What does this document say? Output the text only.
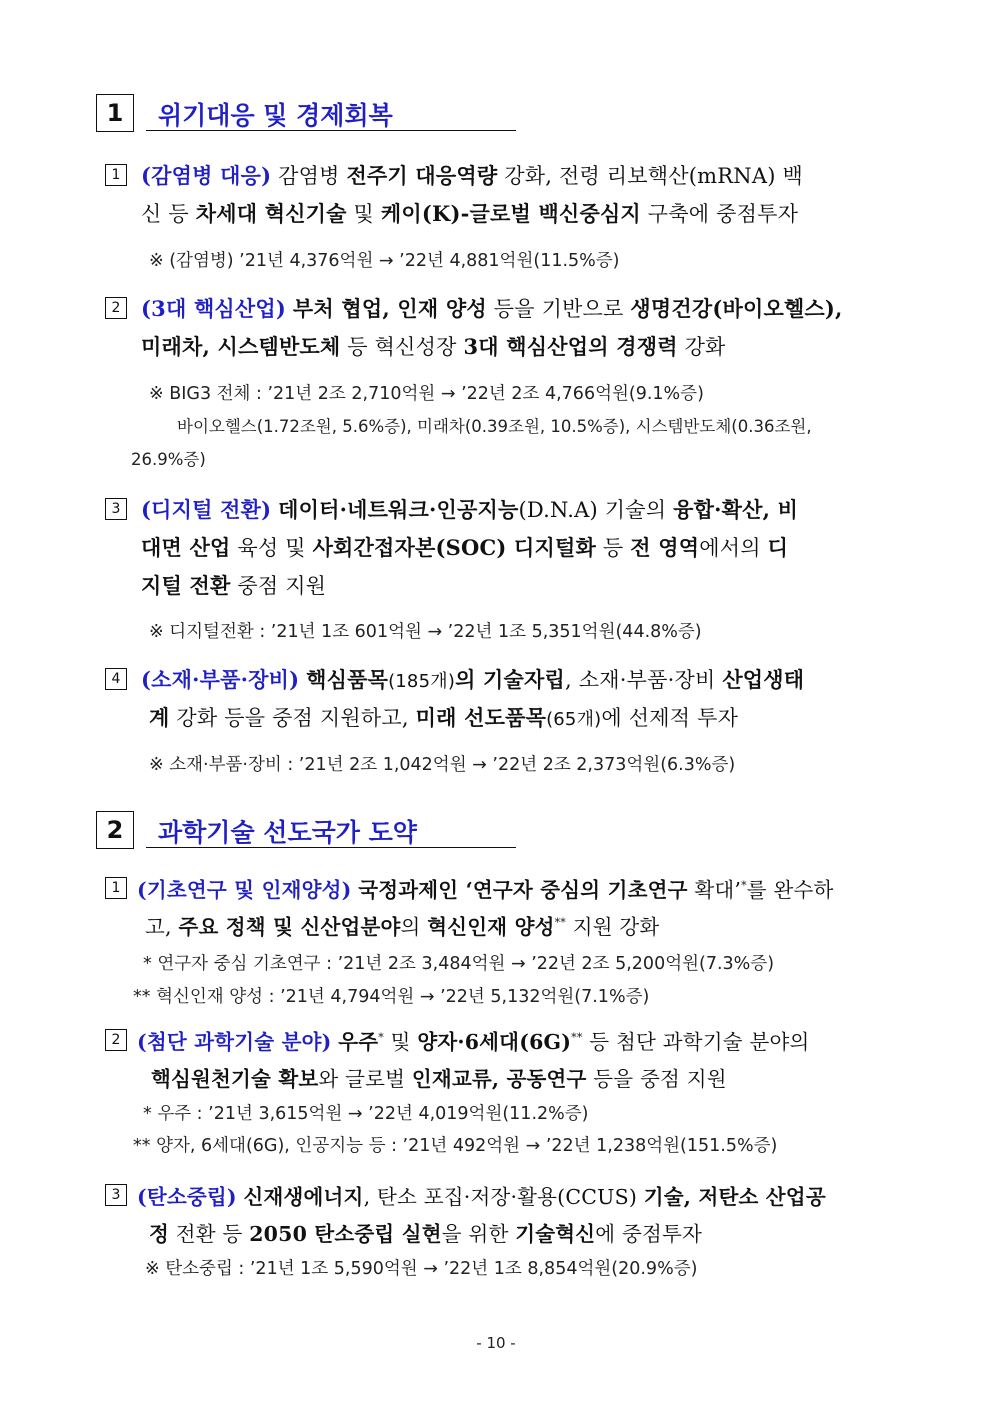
1	위기대응 및 경제회복
1 (감염병 대응) 감염병 전주기 대응역량 강화, 전령 리보핵산(mRNA) 백
신 등 차세대 혁신기술 및 케이(K)-글로벌 백신중심지 구축에 중점투자
※ (감염병) ’21년 4,376억원 → ’22년 4,881억원(11.5%증)
2 (3대 핵심산업) 부처 협업, 인재 양성 등을 기반으로 생명건강(바이오헬스),
미래차, 시스템반도체 등 혁신성장 3대 핵심산업의 경쟁력 강화
※ BIG3 전체 : ’21년 2조 2,710억원 → ’22년 2조 4,766억원(9.1%증)
바이오헬스(1.72조원, 5.6%증), 미래차(0.39조원, 10.5%증), 시스템반도체(0.36조원,
26.9%증)
3 (디지털 전환) 데이터·네트워크·인공지능(D.N.A) 기술의 융합·확산, 비
대면 산업 육성 및 사회간접자본(SOC) 디지털화 등 전 영역에서의 디
지털 전환 중점 지원
※ 디지털전환 : ’21년 1조 601억원 → ’22년 1조 5,351억원(44.8%증)
4 (소재·부품·장비) 핵심품목(185개)의 기술자립, 소재·부품·장비 산업생태
계 강화 등을 중점 지원하고, 미래 선도품목(65개)에 선제적 투자
※ 소재·부품·장비 : ’21년 2조 1,042억원 → ’22년 2조 2,373억원(6.3%증)
2	과학기술 선도국가 도약
1 (기초연구 및 인재양성) 국정과제인 ‘연구자 중심의 기초연구 확대’*를 완수하
고, 주요 정책 및 신산업분야의 혁신인재 양성** 지원 강화
* 연구자 중심 기초연구 : ’21년 2조 3,484억원 → ’22년 2조 5,200억원(7.3%증)
** 혁신인재 양성 : ’21년 4,794억원 → ’22년 5,132억원(7.1%증)
2 (첨단 과학기술 분야) 우주* 및 양자·6세대(6G)** 등 첨단 과학기술 분야의
핵심원천기술 확보와 글로벌 인재교류, 공동연구 등을 중점 지원
* 우주 : ’21년 3,615억원 → ’22년 4,019억원(11.2%증)
** 양자, 6세대(6G), 인공지능 등 : ’21년 492억원 → ’22년 1,238억원(151.5%증)
3 (탄소중립) 신재생에너지, 탄소 포집·저장·활용(CCUS) 기술, 저탄소 산업공
정 전환 등 2050 탄소중립 실현을 위한 기술혁신에 중점투자
※ 탄소중립 : ’21년 1조 5,590억원 → ’22년 1조 8,854억원(20.9%증)
- 10 -
